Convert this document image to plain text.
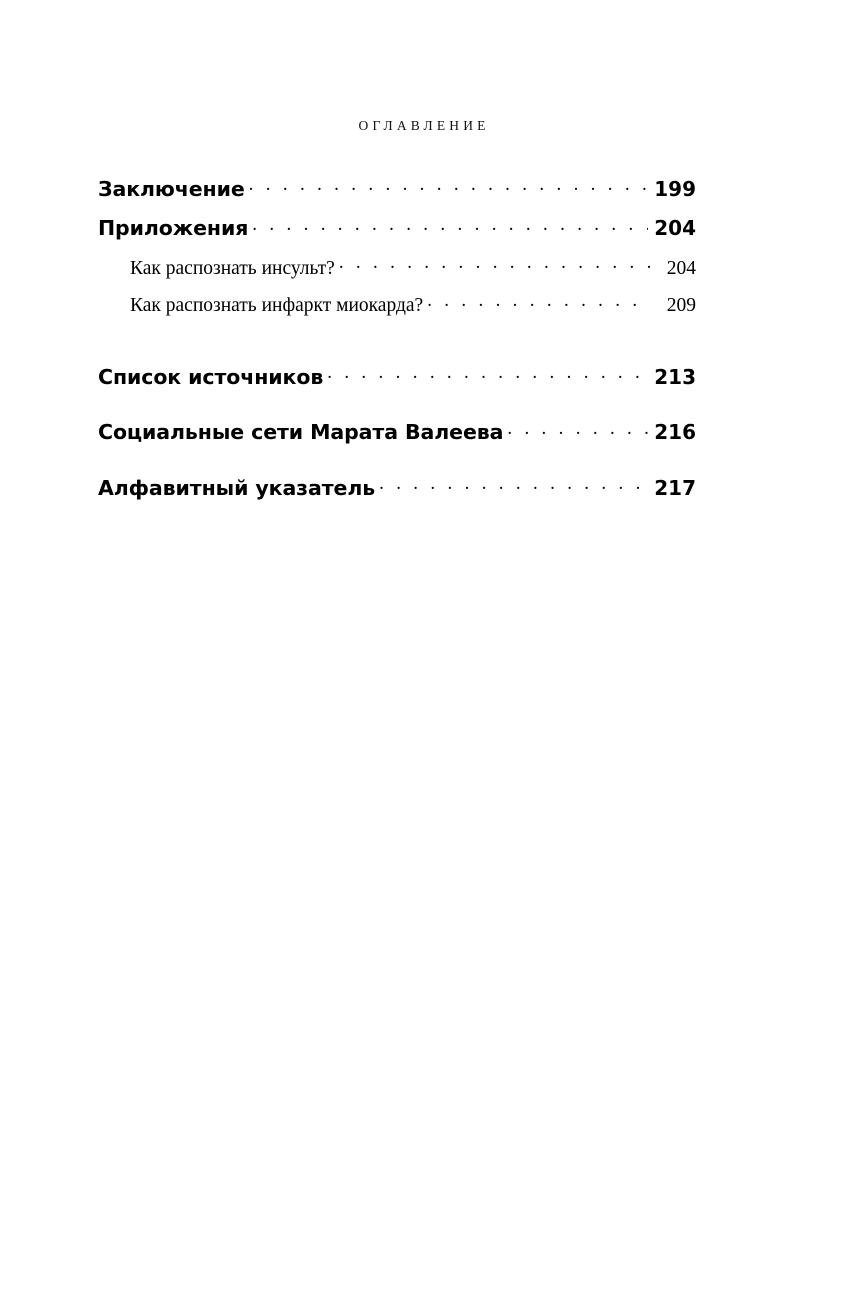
ОГЛАВЛЕНИЕ
Заключение . . .	199
Приложения . . .	204
Как распознать инсульт? . . .	204
Как распознать инфаркт миокарда? . . .	209
Список источников . . .	213
Социальные сети Марата Валеева . . .	216
Алфавитный указатель . . .	217
